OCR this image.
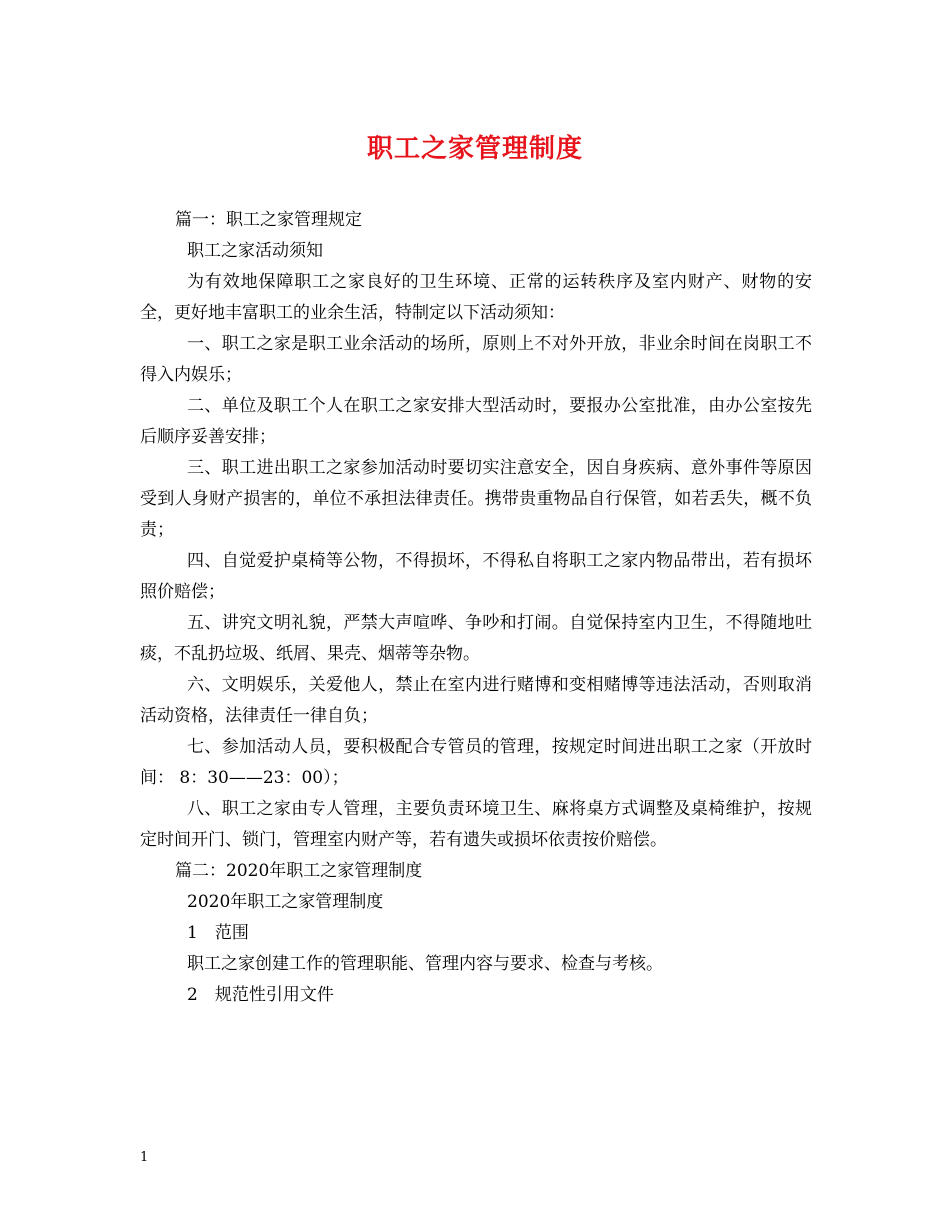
职工之家管理制度

篇一：职工之家管理规定

职工之家活动须知

为有效地保障职工之家良好的卫生环境、正常的运转秩序及室内财产、财物的安全，更好地丰富职工的业余生活，特制定以下活动须知：

一、职工之家是职工业余活动的场所，原则上不对外开放，非业余时间在岗职工不得入内娱乐；

二、单位及职工个人在职工之家安排大型活动时，要报办公室批准，由办公室按先后顺序妥善安排；

三、职工进出职工之家参加活动时要切实注意安全，因自身疾病、意外事件等原因受到人身财产损害的，单位不承担法律责任。携带贵重物品自行保管，如若丢失，概不负责；

四、自觉爱护桌椅等公物，不得损坏，不得私自将职工之家内物品带出，若有损坏照价赔偿；

五、讲究文明礼貌，严禁大声喧哗、争吵和打闹。自觉保持室内卫生，不得随地吐痰，不乱扔垃圾、纸屑、果壳、烟蒂等杂物。

六、文明娱乐，关爱他人，禁止在室内进行赌博和变相赌博等违法活动，否则取消活动资格，法律责任一律自负；

七、参加活动人员，要积极配合专管员的管理，按规定时间进出职工之家（开放时间： 8：30——23：00）；

八、职工之家由专人管理，主要负责环境卫生、麻将桌方式调整及桌椅维护，按规定时间开门、锁门，管理室内财产等，若有遗失或损坏依责按价赔偿。

篇二：2020年职工之家管理制度

2020年职工之家管理制度

1　范围

职工之家创建工作的管理职能、管理内容与要求、检查与考核。

2　规范性引用文件

1
